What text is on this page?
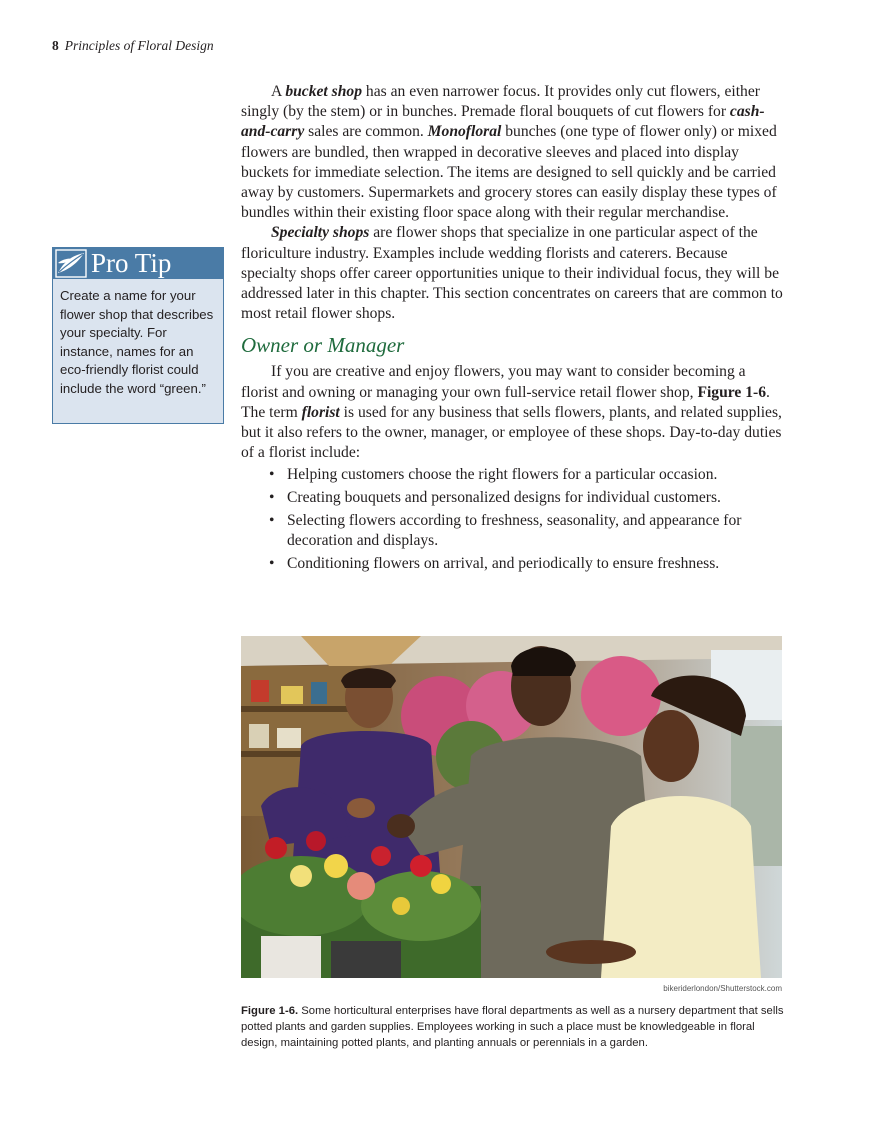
8 Principles of Floral Design

A bucket shop has an even narrower focus. It provides only cut flowers, either singly (by the stem) or in bunches. Premade floral bouquets of cut flowers for cash-and-carry sales are common. Monofloral bunches (one type of flower only) or mixed flowers are bundled, then wrapped in decorative sleeves and placed into display buckets for immediate selection. The items are designed to sell quickly and be carried away by customers. Supermarkets and grocery stores can easily display these types of bundles within their existing floor space along with their regular merchandise.

Specialty shops are flower shops that specialize in one particular aspect of the floriculture industry. Examples include wedding florists and caterers. Because specialty shops offer career opportunities unique to their individual focus, they will be addressed later in this chapter. This section concentrates on careers that are common to most retail flower shops.

Owner or Manager

If you are creative and enjoy flowers, you may want to consider becoming a florist and owning or managing your own full-service retail flower shop, Figure 1-6. The term florist is used for any business that sells flowers, plants, and related supplies, but it also refers to the owner, manager, or employee of these shops. Day-to-day duties of a florist include:

• Helping customers choose the right flowers for a particular occasion.
• Creating bouquets and personalized designs for individual customers.
• Selecting flowers according to freshness, seasonality, and appearance for decoration and displays.
• Conditioning flowers on arrival, and periodically to ensure freshness.
Pro Tip
Create a name for your flower shop that describes your specialty. For instance, names for an eco-friendly florist could include the word “green.”
bikeriderlondon/Shutterstock.com
Figure 1-6. Some horticultural enterprises have floral departments as well as a nursery department that sells potted plants and garden supplies. Employees working in such a place must be knowledgeable in floral design, maintaining potted plants, and planting annuals or perennials in a garden.
